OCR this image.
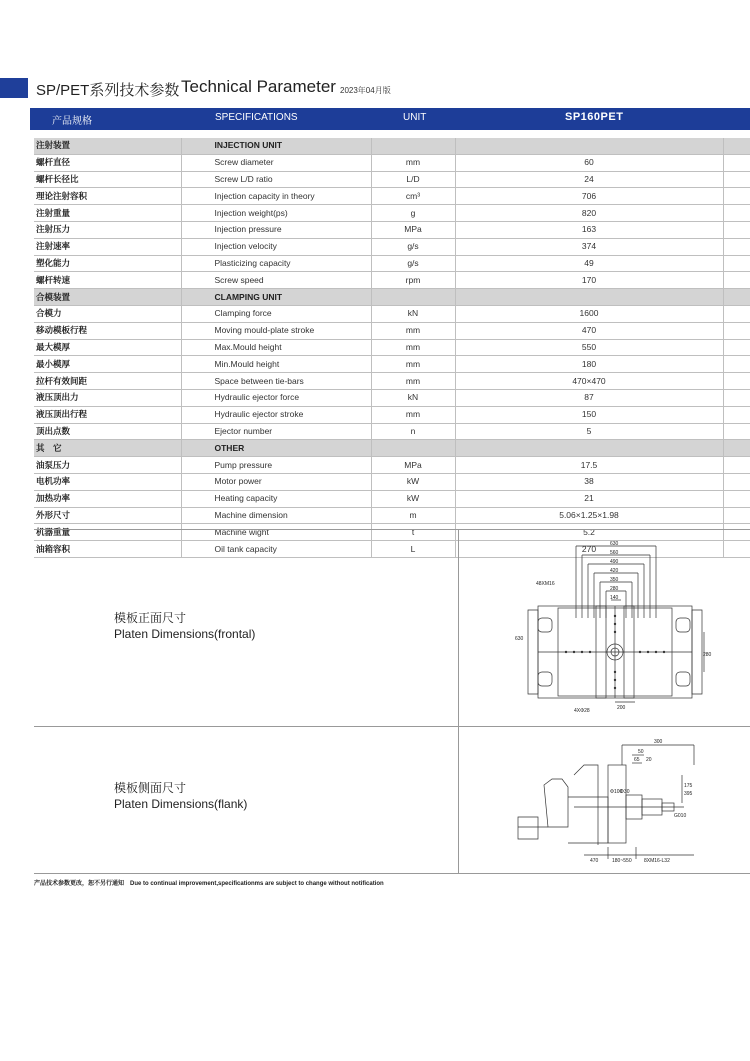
SP/PET系列技术参数 Technical Parameter 2023年04月版
产品规格	SPECIFICATIONS	UNIT	SP160PET
注射装置	INJECTION UNIT			
螺杆直径	Screw diameter	mm	60	
螺杆长径比	Screw L/D ratio	L/D	24	
理论注射容积	Injection capacity in theory	cm³	706	
注射重量	Injection weight(ps)	g	820	
注射压力	Injection pressure	MPa	163	
注射速率	Injection velocity	g/s	374	
塑化能力	Plasticizing capacity	g/s	49	
螺杆转速	Screw speed	rpm	170	
合模装置	CLAMPING UNIT			
合模力	Clamping force	kN	1600	
移动模板行程	Moving mould-plate stroke	mm	470	
最大模厚	Max.Mould height	mm	550	
最小模厚	Min.Mould height	mm	180	
拉杆有效间距	Space between tie-bars	mm	470×470	
液压顶出力	Hydraulic ejector force	kN	87	
液压顶出行程	Hydraulic ejector stroke	mm	150	
顶出点数	Ejector number	n	5	
其　它	OTHER			
油泵压力	Pump pressure	MPa	17.5	
电机功率	Motor power	kW	38	
加热功率	Heating capacity	kW	21	
外形尺寸	Machine dimension	m	5.06×1.25×1.98	
机器重量	Machine wight	t	5.2	
油箱容积	Oil tank capacity	L	270	
模板正面尺寸
Platen Dimensions(frontal)
模板侧面尺寸
Platen Dimensions(flank)
630
560
490
420
350
280
140
48XM16
4XΦ28	200
280
630
300
50
65 20
175
395
G010
Φ100
Φ30
470	180~550 8XM16-L32
产品技术参数更改，恕不另行通知　Due to continual improvement,specificationms are subject to change without notification
